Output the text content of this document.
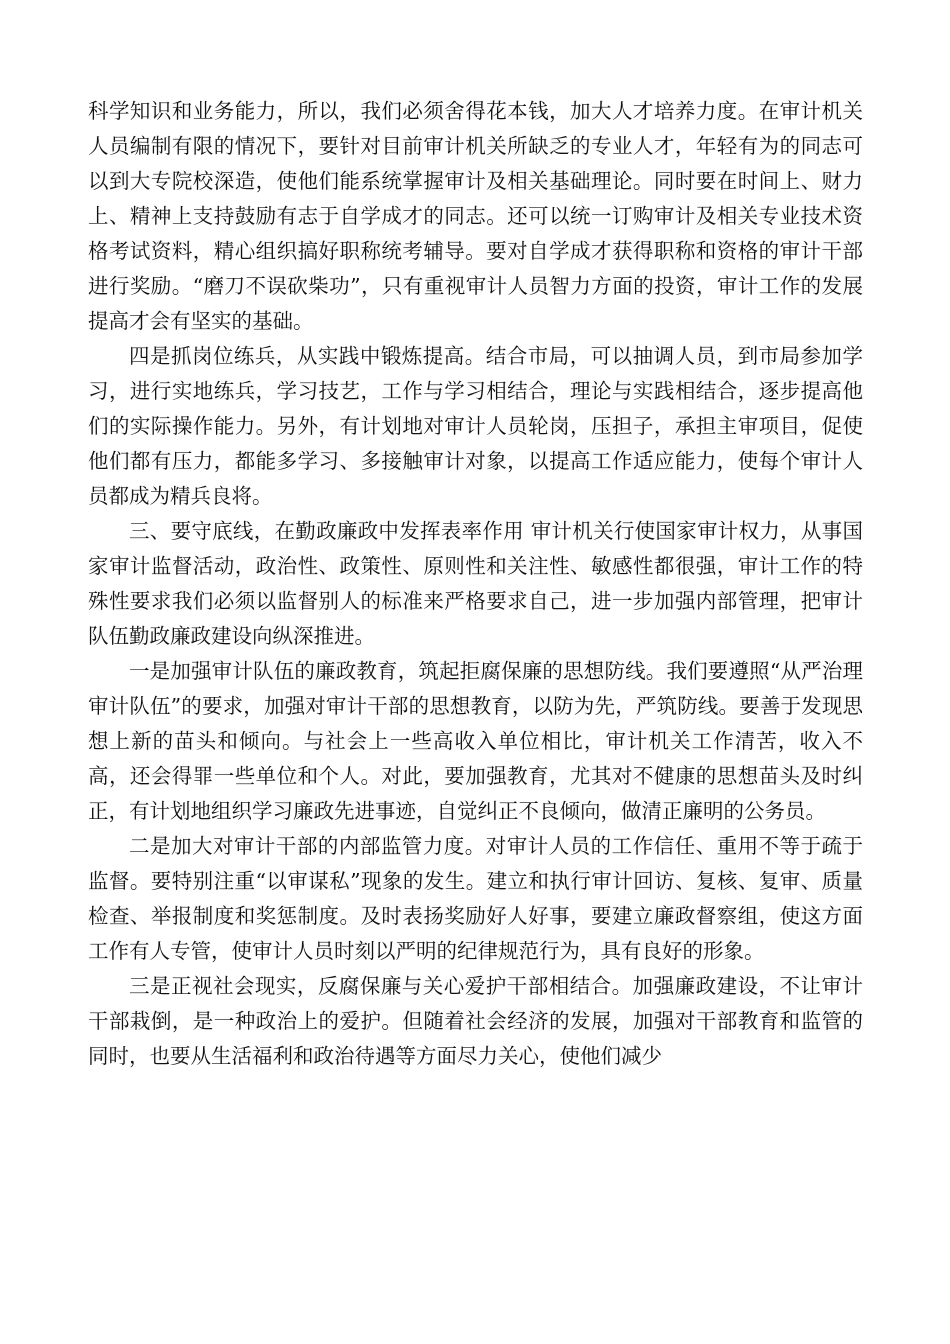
科学知识和业务能力，所以，我们必须舍得花本钱，加大人才培养力度。在审计机关人员编制有限的情况下，要针对目前审计机关所缺乏的专业人才，年轻有为的同志可以到大专院校深造，使他们能系统掌握审计及相关基础理论。同时要在时间上、财力上、精神上支持鼓励有志于自学成才的同志。还可以统一订购审计及相关专业技术资格考试资料，精心组织搞好职称统考辅导。要对自学成才获得职称和资格的审计干部进行奖励。“磨刀不误砍柴功”，只有重视审计人员智力方面的投资，审计工作的发展提高才会有坚实的基础。

四是抓岗位练兵，从实践中锻炼提高。结合市局，可以抽调人员，到市局参加学习，进行实地练兵，学习技艺，工作与学习相结合，理论与实践相结合，逐步提高他们的实际操作能力。另外，有计划地对审计人员轮岗，压担子，承担主审项目，促使他们都有压力，都能多学习、多接触审计对象，以提高工作适应能力，使每个审计人员都成为精兵良将。

三、要守底线，在勤政廉政中发挥表率作用 审计机关行使国家审计权力，从事国家审计监督活动，政治性、政策性、原则性和关注性、敏感性都很强，审计工作的特殊性要求我们必须以监督别人的标准来严格要求自己，进一步加强内部管理，把审计队伍勤政廉政建设向纵深推进。

一是加强审计队伍的廉政教育，筑起拒腐保廉的思想防线。我们要遵照“从严治理审计队伍”的要求，加强对审计干部的思想教育，以防为先，严筑防线。要善于发现思想上新的苗头和倾向。与社会上一些高收入单位相比，审计机关工作清苦，收入不高，还会得罪一些单位和个人。对此，要加强教育，尤其对不健康的思想苗头及时纠正，有计划地组织学习廉政先进事迹，自觉纠正不良倾向，做清正廉明的公务员。

二是加大对审计干部的内部监管力度。对审计人员的工作信任、重用不等于疏于监督。要特别注重“以审谋私”现象的发生。建立和执行审计回访、复核、复审、质量检查、举报制度和奖惩制度。及时表扬奖励好人好事，要建立廉政督察组，使这方面工作有人专管，使审计人员时刻以严明的纪律规范行为，具有良好的形象。

三是正视社会现实，反腐保廉与关心爱护干部相结合。加强廉政建设，不让审计干部栽倒，是一种政治上的爱护。但随着社会经济的发展，加强对干部教育和监管的同时，也要从生活福利和政治待遇等方面尽力关心，使他们减少
